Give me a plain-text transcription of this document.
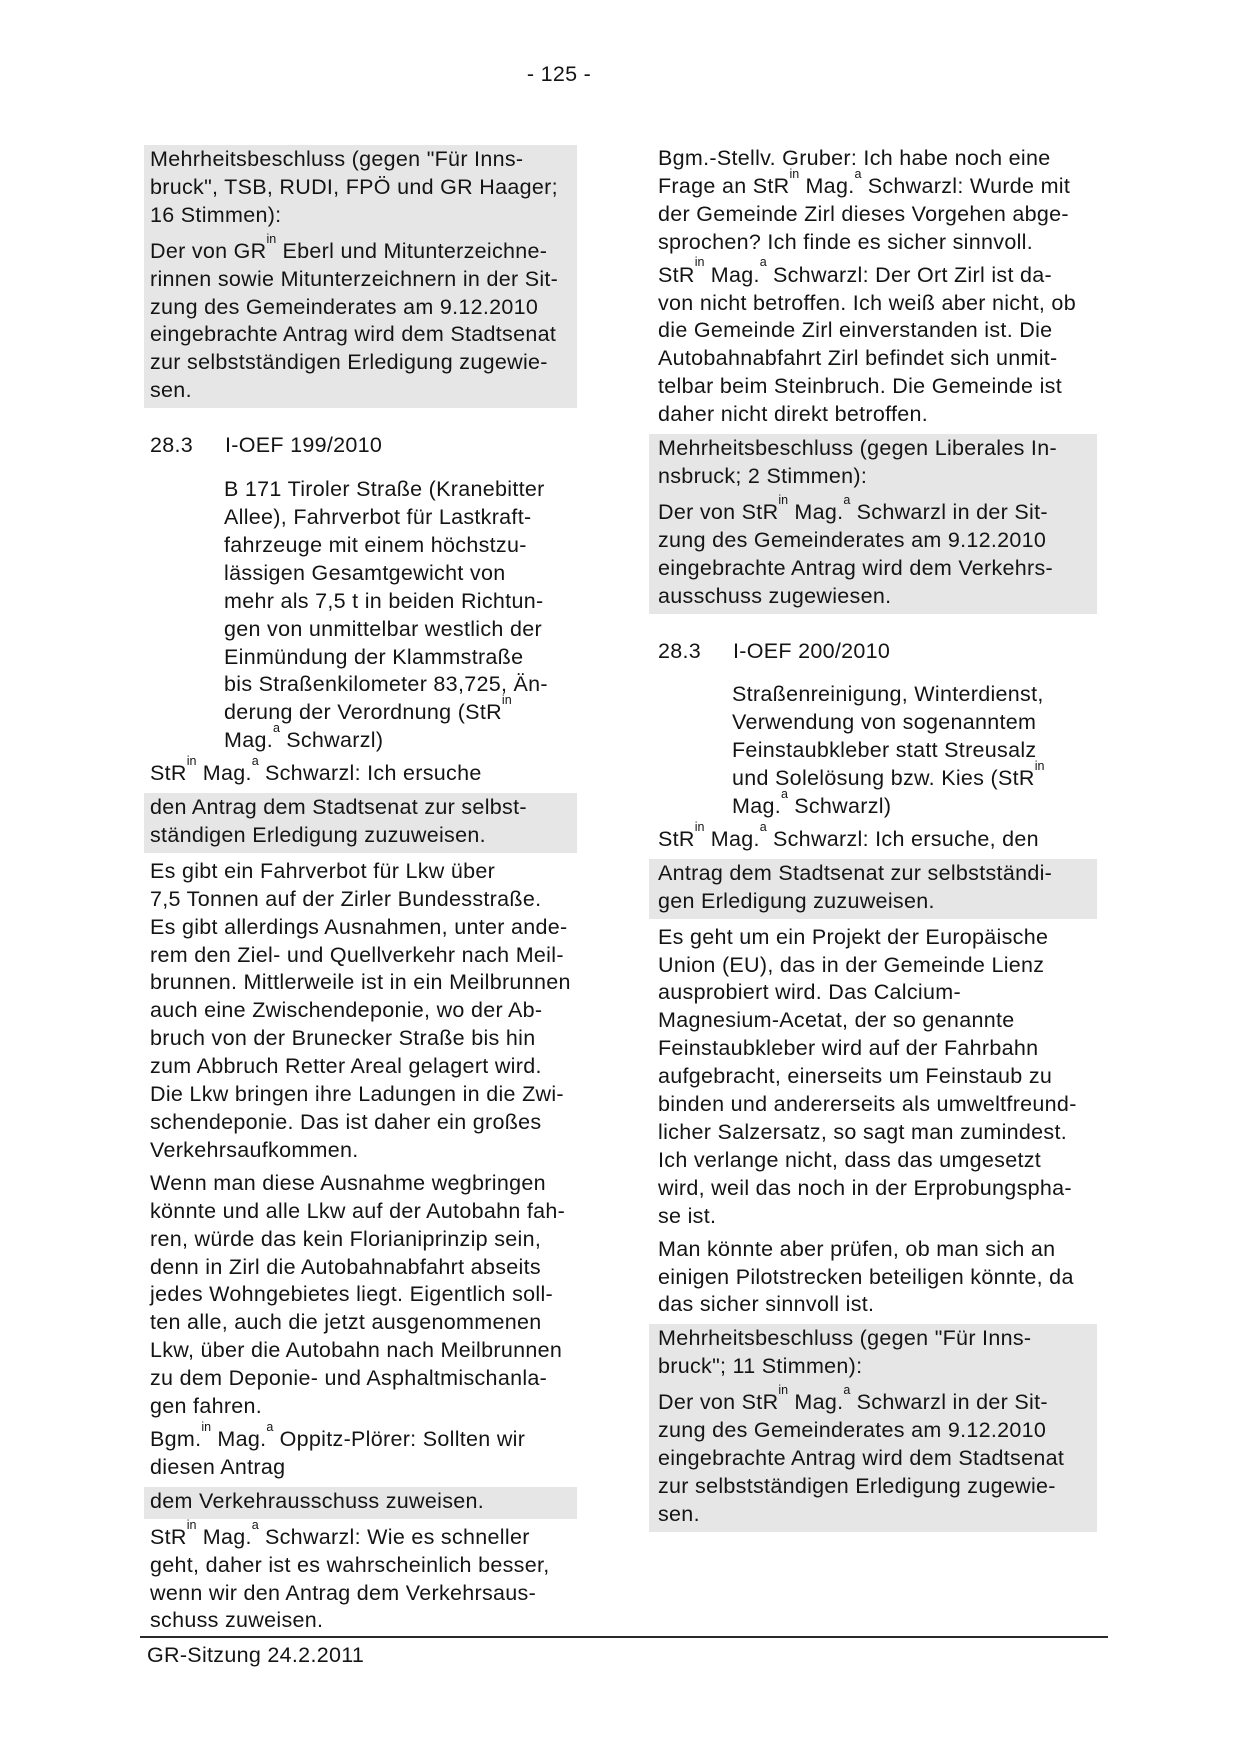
- 125 -
Mehrheitsbeschluss (gegen "Für Inns-
bruck", TSB, RUDI, FPÖ und GR Haager;
16 Stimmen):
Der von $GR^{in}$ Eberl und Mitunterzeichne-
rinnen sowie Mitunterzeichnern in der Sit-
zung des Gemeinderates am 9.12.2010
eingebrachte Antrag wird dem Stadtsenat
zur selbstständigen Erledigung zugewie-
sen.
28.3 I-OEF 199/2010
B 171 Tiroler Straße (Kranebitter
Allee), Fahrverbot für Lastkraft-
fahrzeuge mit einem höchstzu-
lässigen Gesamtgewicht von
mehr als 7,5 t in beiden Richtun-
gen von unmittelbar westlich der
Einmündung der Klammstraße
bis Straßenkilometer 83,725, Än-
derung der Verordnung (StR$^{in}$
Mag.$^a$ Schwarzl)
StR$^{in}$ Mag.$^a$ Schwarzl: Ich ersuche
den Antrag dem Stadtsenat zur selbst-
ständigen Erledigung zuzuweisen.
Es gibt ein Fahrverbot für Lkw über
7,5 Tonnen auf der Zirler Bundesstraße.
Es gibt allerdings Ausnahmen, unter ande-
rem den Ziel- und Quellverkehr nach Meil-
brunnen. Mittlerweile ist in ein Meilbrunnen
auch eine Zwischendeponie, wo der Ab-
bruch von der Brunecker Straße bis hin
zum Abbruch Retter Areal gelagert wird.
Die Lkw bringen ihre Ladungen in die Zwi-
schendeponie. Das ist daher ein großes
Verkehrsaufkommen.
Wenn man diese Ausnahme wegbringen
könnte und alle Lkw auf der Autobahn fah-
ren, würde das kein Florianiprinzip sein,
denn in Zirl die Autobahnabfahrt abseits
jedes Wohngebietes liegt. Eigentlich soll-
ten alle, auch die jetzt ausgenommenen
Lkw, über die Autobahn nach Meilbrunnen
zu dem Deponie- und Asphaltmischanla-
gen fahren.
Bgm.$^{in}$ Mag.$^a$ Oppitz-Plörer: Sollten wir
diesen Antrag
dem Verkehrausschuss zuweisen.
StR$^{in}$ Mag.$^a$ Schwarzl: Wie es schneller
geht, daher ist es wahrscheinlich besser,
wenn wir den Antrag dem Verkehrsaus-
schuss zuweisen.
Bgm.-Stellv. Gruber: Ich habe noch eine
Frage an StR$^{in}$ Mag.$^a$ Schwarzl: Wurde mit
der Gemeinde Zirl dieses Vorgehen abge-
sprochen? Ich finde es sicher sinnvoll.
StR$^{in}$ Mag.$^a$ Schwarzl: Der Ort Zirl ist da-
von nicht betroffen. Ich weiß aber nicht, ob
die Gemeinde Zirl einverstanden ist. Die
Autobahnabfahrt Zirl befindet sich unmit-
telbar beim Steinbruch. Die Gemeinde ist
daher nicht direkt betroffen.
Mehrheitsbeschluss (gegen Liberales In-
nsbruck; 2 Stimmen):
Der von StR$^{in}$ Mag.$^a$ Schwarzl in der Sit-
zung des Gemeinderates am 9.12.2010
eingebrachte Antrag wird dem Verkehrs-
ausschuss zugewiesen.
28.3 I-OEF 200/2010
Straßenreinigung, Winterdienst,
Verwendung von sogenanntem
Feinstaubkleber statt Streusalz
und Solelösung bzw. Kies (StR$^{in}$
Mag.$^a$ Schwarzl)
StR$^{in}$ Mag.$^a$ Schwarzl: Ich ersuche, den
Antrag dem Stadtsenat zur selbstständi-
gen Erledigung zuzuweisen.
Es geht um ein Projekt der Europäische
Union (EU), das in der Gemeinde Lienz
ausprobiert wird. Das Calcium-
Magnesium-Acetat, der so genannte
Feinstaubkleber wird auf der Fahrbahn
aufgebracht, einerseits um Feinstaub zu
binden und andererseits als umweltfreund-
licher Salzersatz, so sagt man zumindest.
Ich verlange nicht, dass das umgesetzt
wird, weil das noch in der Erprobungspha-
se ist.
Man könnte aber prüfen, ob man sich an
einigen Pilotstrecken beteiligen könnte, da
das sicher sinnvoll ist.
Mehrheitsbeschluss (gegen "Für Inns-
bruck"; 11 Stimmen):
Der von StR$^{in}$ Mag.$^a$ Schwarzl in der Sit-
zung des Gemeinderates am 9.12.2010
eingebrachte Antrag wird dem Stadtsenat
zur selbstständigen Erledigung zugewie-
sen.
GR-Sitzung 24.2.2011
